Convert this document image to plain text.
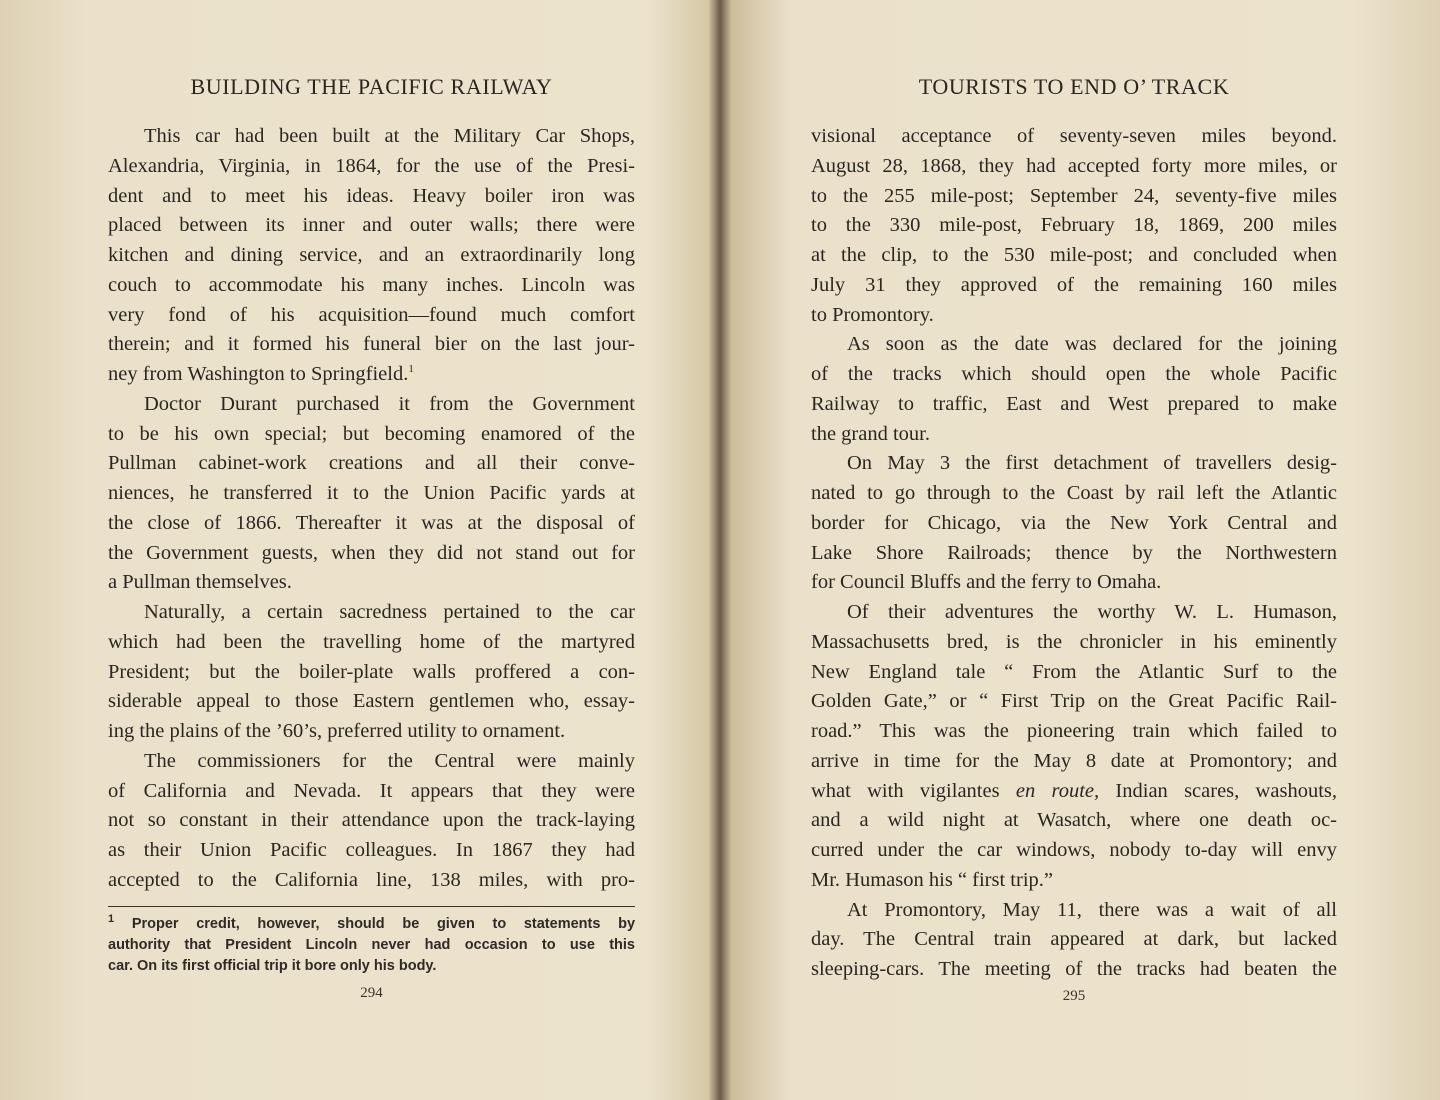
BUILDING THE PACIFIC RAILWAY
This car had been built at the Military Car Shops,
Alexandria, Virginia, in 1864, for the use of the Presi-
dent and to meet his ideas. Heavy boiler iron was
placed between its inner and outer walls; there were
kitchen and dining service, and an extraordinarily long
couch to accommodate his many inches. Lincoln was
very fond of his acquisition—found much comfort
therein; and it formed his funeral bier on the last jour-
ney from Washington to Springfield.$^1$
Doctor Durant purchased it from the Government
to be his own special; but becoming enamored of the
Pullman cabinet-work creations and all their conve-
niences, he transferred it to the Union Pacific yards at
the close of 1866. Thereafter it was at the disposal of
the Government guests, when they did not stand out for
a Pullman themselves.
Naturally, a certain sacredness pertained to the car
which had been the travelling home of the martyred
President; but the boiler-plate walls proffered a con-
siderable appeal to those Eastern gentlemen who, essay-
ing the plains of the ’60’s, preferred utility to ornament.
The commissioners for the Central were mainly
of California and Nevada. It appears that they were
not so constant in their attendance upon the track-laying
as their Union Pacific colleagues. In 1867 they had
accepted to the California line, 138 miles, with pro-
$^1$ Proper credit, however, should be given to statements by
authority that President Lincoln never had occasion to use this
car. On its first official trip it bore only his body.
294
TOURISTS TO END O’ TRACK
visional acceptance of seventy-seven miles beyond.
August 28, 1868, they had accepted forty more miles, or
to the 255 mile-post; September 24, seventy-five miles
to the 330 mile-post, February 18, 1869, 200 miles
at the clip, to the 530 mile-post; and concluded when
July 31 they approved of the remaining 160 miles
to Promontory.
As soon as the date was declared for the joining
of the tracks which should open the whole Pacific
Railway to traffic, East and West prepared to make
the grand tour.
On May 3 the first detachment of travellers desig-
nated to go through to the Coast by rail left the Atlantic
border for Chicago, via the New York Central and
Lake Shore Railroads; thence by the Northwestern
for Council Bluffs and the ferry to Omaha.
Of their adventures the worthy W. L. Humason,
Massachusetts bred, is the chronicler in his eminently
New England tale “ From the Atlantic Surf to the
Golden Gate,” or “ First Trip on the Great Pacific Rail-
road.” This was the pioneering train which failed to
arrive in time for the May 8 date at Promontory; and
what with vigilantes en route, Indian scares, washouts,
and a wild night at Wasatch, where one death oc-
curred under the car windows, nobody to-day will envy
Mr. Humason his “ first trip.”
At Promontory, May 11, there was a wait of all
day. The Central train appeared at dark, but lacked
sleeping-cars. The meeting of the tracks had beaten the
295
